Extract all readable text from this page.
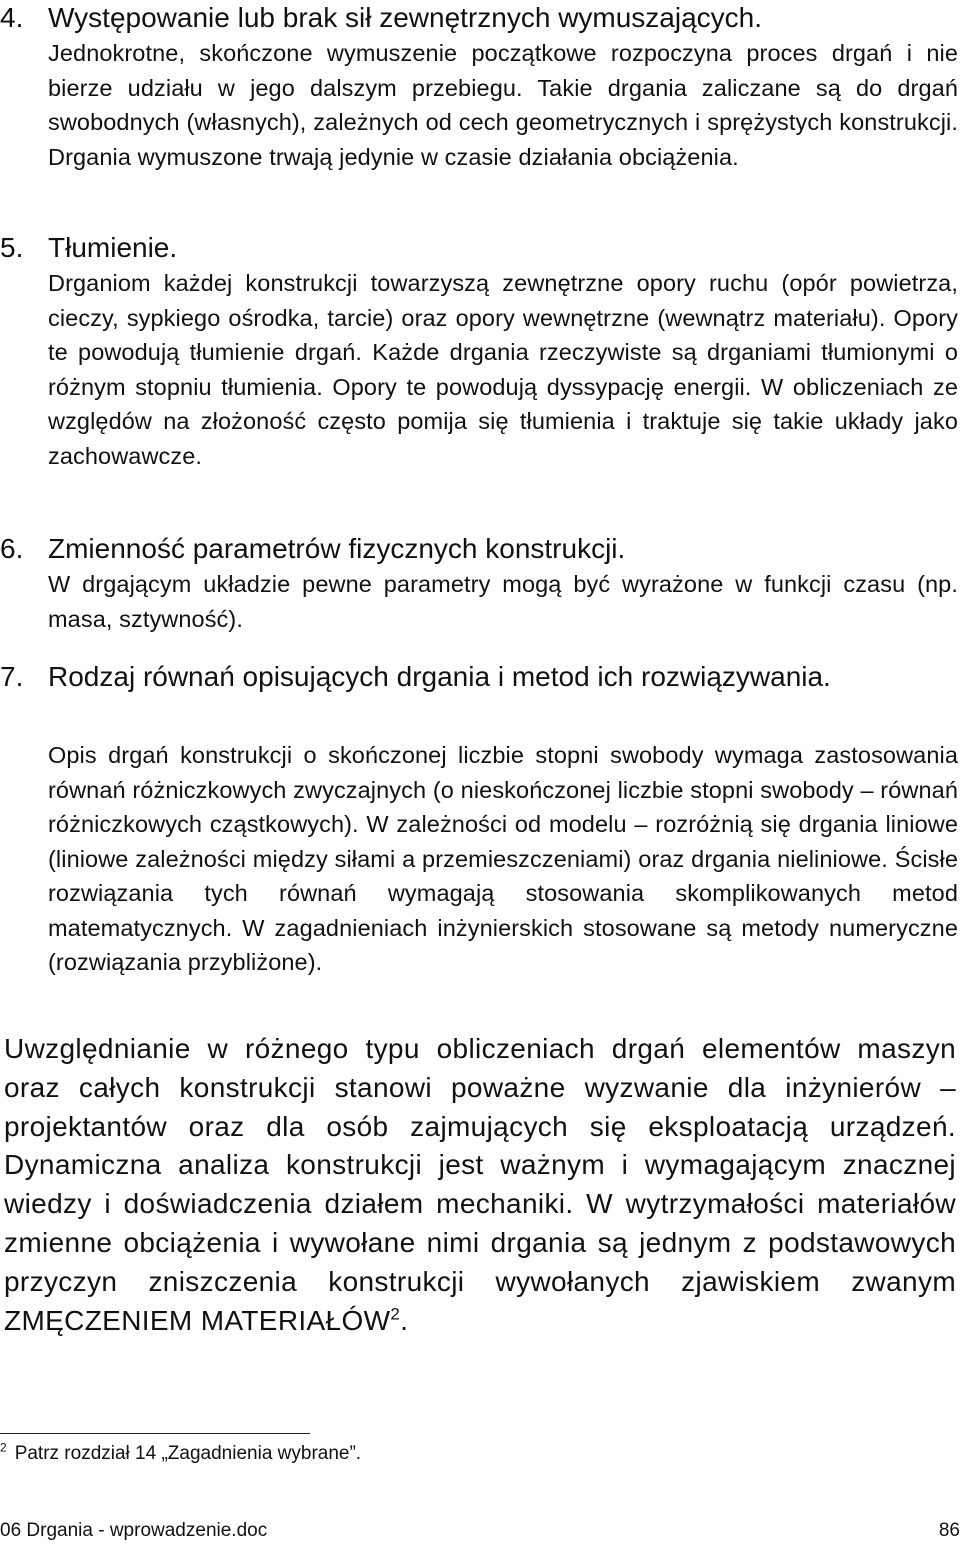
4. Występowanie lub brak sił zewnętrznych wymuszających.

Jednokrotne, skończone wymuszenie początkowe rozpoczyna proces drgań i nie bierze udziału w jego dalszym przebiegu. Takie drgania zaliczane są do drgań swobodnych (własnych), zależnych od cech geometrycznych i sprężystych konstrukcji. Drgania wymuszone trwają jedynie w czasie działania obciążenia.

5. Tłumienie.

Drganiom każdej konstrukcji towarzyszą zewnętrzne opory ruchu (opór powietrza, cieczy, sypkiego ośrodka, tarcie) oraz opory wewnętrzne (wewnątrz materiału). Opory te powodują tłumienie drgań. Każde drgania rzeczywiste są drganiami tłumionymi o różnym stopniu tłumienia. Opory te powodują dyssypację energii. W obliczeniach ze względów na złożoność często pomija się tłumienia i traktuje się takie układy jako zachowawcze.

6. Zmienność parametrów fizycznych konstrukcji.

W drgającym układzie pewne parametry mogą być wyrażone w funkcji czasu (np. masa, sztywność).

7. Rodzaj równań opisujących drgania i metod ich rozwiązywania.

Opis drgań konstrukcji o skończonej liczbie stopni swobody wymaga zastosowania równań różniczkowych zwyczajnych (o nieskończonej liczbie stopni swobody – równań różniczkowych cząstkowych). W zależności od modelu – rozróżnią się drgania liniowe (liniowe zależności między siłami a przemieszczeniami) oraz drgania nieliniowe. Ścisłe rozwiązania tych równań wymagają stosowania skomplikowanych metod matematycznych. W zagadnieniach inżynierskich stosowane są metody numeryczne (rozwiązania przybliżone).

Uwzględnianie w różnego typu obliczeniach drgań elementów maszyn oraz całych konstrukcji stanowi poważne wyzwanie dla inżynierów – projektantów oraz dla osób zajmujących się eksploatacją urządzeń. Dynamiczna analiza konstrukcji jest ważnym i wymagającym znacznej wiedzy i doświadczenia działem mechaniki. W wytrzymałości materiałów zmienne obciążenia i wywołane nimi drgania są jednym z podstawowych przyczyn zniszczenia konstrukcji wywołanych zjawiskiem zwanym ZMĘCZENIEM MATERIAŁÓW$^2$.

$^2$ Patrz rozdział 14 „Zagadnienia wybrane”.
06 Drgania - wprowadzenie.doc	86
